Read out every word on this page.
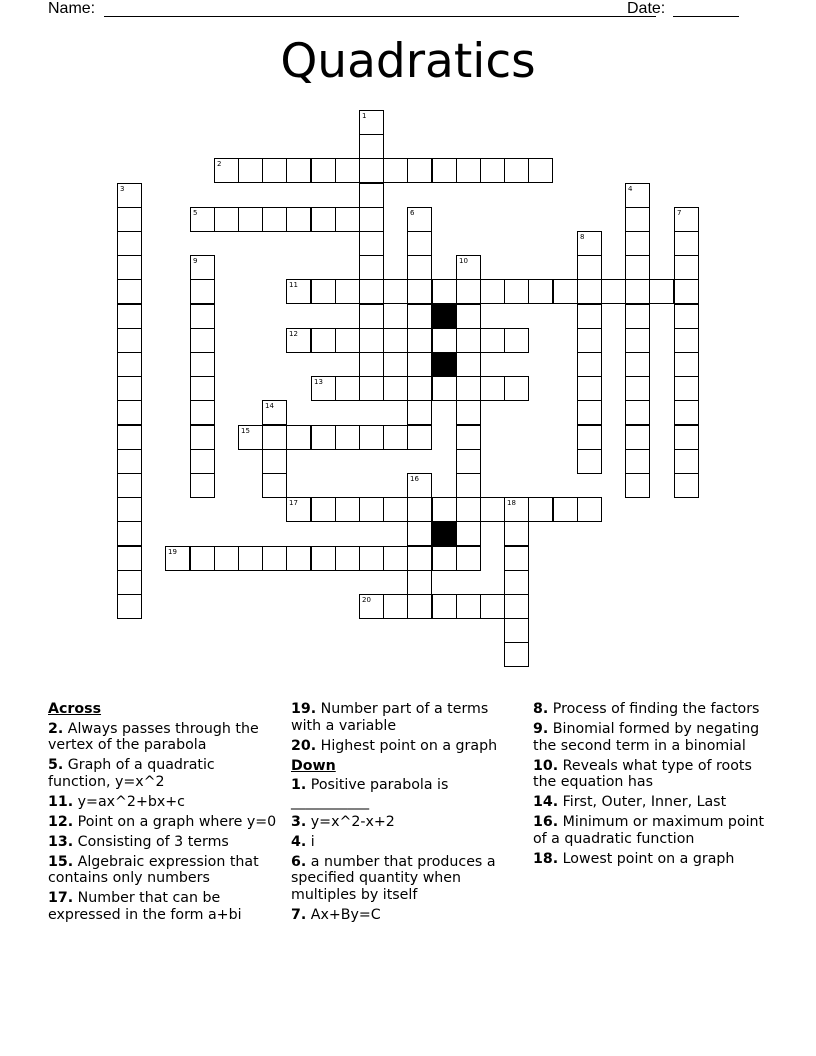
Name:	Date:
Quadratics
1
2
3	4
5	6	7
8
9	10
11
12
13
14
15
16
17	18
19
20
Across
2. Always passes through the vertex of the parabola
5. Graph of a quadratic function, y=x^2
11. y=ax^2+bx+c
12. Point on a graph where y=0
13. Consisting of 3 terms
15. Algebraic expression that contains only numbers
17. Number that can be expressed in the form a+bi
19. Number part of a terms with a variable
20. Highest point on a graph
Down
1. Positive parabola is ___________
3. y=x^2-x+2
4. i
6. a number that produces a specified quantity when multiples by itself
7. Ax+By=C
8. Process of finding the factors
9. Binomial formed by negating the second term in a binomial
10. Reveals what type of roots the equation has
14. First, Outer, Inner, Last
16. Minimum or maximum point of a quadratic function
18. Lowest point on a graph
